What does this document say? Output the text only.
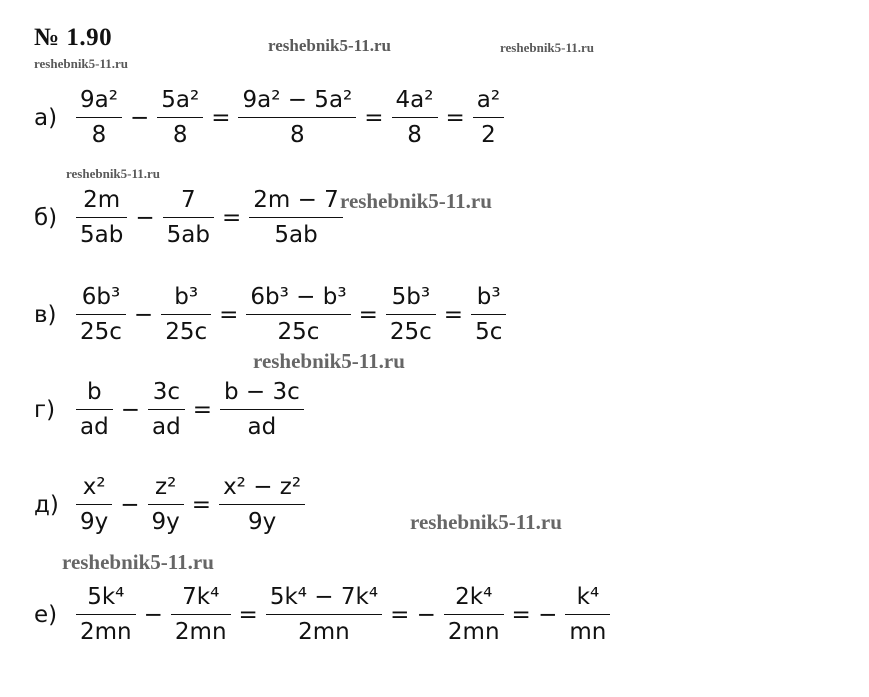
№ 1.90
reshebnik5-11.ru
reshebnik5-11.ru	reshebnik5-11.ru
reshebnik5-11.ru
reshebnik5-11.ru
reshebnik5-11.ru
reshebnik5-11.ru
reshebnik5-11.ru
$а) \frac{\text{9a²}}{8} - \frac{\text{5a²}}{8} = \frac{\text{9a² − 5a²}}{8} = \frac{\text{4a²}}{8} = \frac{\text{a²}}{2}$
$б) \frac{2m}{5ab} - \frac{7}{5ab} = \frac{2m - 7}{5ab}$
$в) \frac{\text{6b³}}{25c} - \frac{\text{b³}}{25c} = \frac{\text{6b³ − b³}}{25c} = \frac{\text{5b³}}{25c} = \frac{\text{b³}}{5c}$
$г) \frac{b}{ad} - \frac{3c}{ad} = \frac{b - 3c}{ad}$
$д) \frac{\text{x²}}{9y} - \frac{\text{z²}}{9y} = \frac{\text{x² − z²}}{9y}$
$е) \frac{\text{5k⁴}}{2mn} - \frac{\text{7k⁴}}{2mn} = \frac{\text{5k⁴ − 7k⁴}}{2mn}$ = − $\frac{\text{2k⁴}}{2mn}$ = − $\frac{\text{k⁴}}{mn}$
